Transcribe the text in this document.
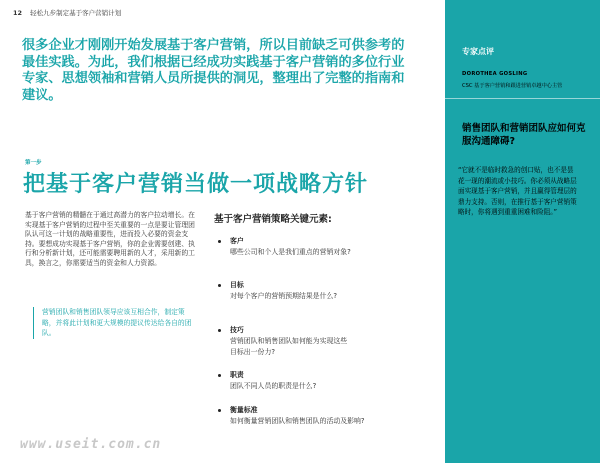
12 轻松九步制定基于客户营销计划
很多企业才刚刚开始发展基于客户营销，所以目前缺乏可供参考的最佳实践。为此，我们根据已经成功实践基于客户营销的多位行业专家、思想领袖和营销人员所提供的洞见，整理出了完整的指南和建议。
第一步
把基于客户营销当做一项战略方针
基于客户营销的精髓在于通过高潜力的客户拉动增长。在实现基于客户营销的过程中至关重要的一点是要让管理团队认可这一计划的战略重要性，进而投入必要的资金支持。要想成功实现基于客户营销，你的企业需要创建、执行和分析新计划，还可能需要聘用新的人才，采用新的工具，换言之，你需要适当的资金和人力资源。
营销团队和销售团队领导应该互相合作，制定策略，并将此计划和更大规模的提议传达给各自的团队。
基于客户营销策略关键元素:
客户
哪些公司和个人是我们重点的营销对象?
目标
对每个客户的营销预期结果是什么?
技巧
营销团队和销售团队如何能为实现这些目标出一份力?
职责
团队不同人员的职责是什么?
衡量标准
如何衡量营销团队和销售团队的活动及影响?
www.useit.com.cn
专家点评
DOROTHEA GOSLING
CSC 基于客户营销和跟进营销卓越中心主管
销售团队和营销团队应如何克服沟通障碍?
“它就不是临时救急的创口贴，也不是昙花一现的潮流或小技巧。你必须从战略层面实现基于客户营销，并且赢得管理层的鼎力支持。否则，在推行基于客户营销策略时，你将遇到重重困难和险阻。”
